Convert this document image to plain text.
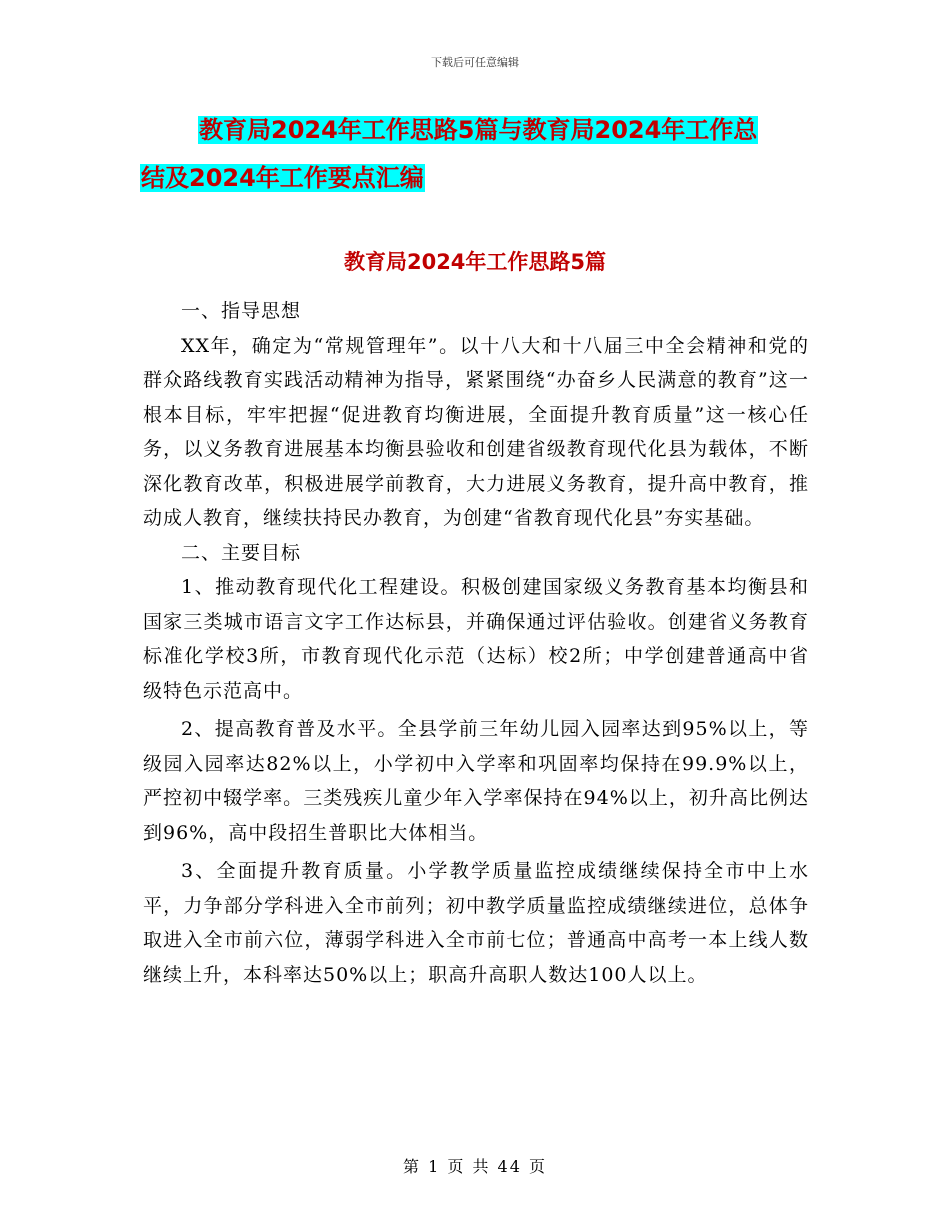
下载后可任意编辑
教育局2024年工作思路5篇与教育局2024年工作总
结及2024年工作要点汇编
教育局2024年工作思路5篇

一、指导思想

XX年，确定为“常规管理年”。以十八大和十八届三中全会精神和党的群众路线教育实践活动精神为指导，紧紧围绕“办奋乡人民满意的教育”这一根本目标，牢牢把握“促进教育均衡进展，全面提升教育质量”这一核心任务，以义务教育进展基本均衡县验收和创建省级教育现代化县为载体，不断深化教育改革，积极进展学前教育，大力进展义务教育，提升高中教育，推动成人教育，继续扶持民办教育，为创建“省教育现代化县”夯实基础。

二、主要目标

1、推动教育现代化工程建设。积极创建国家级义务教育基本均衡县和国家三类城市语言文字工作达标县，并确保通过评估验收。创建省义务教育标准化学校3所，市教育现代化示范（达标）校2所；中学创建普通高中省级特色示范高中。

2、提高教育普及水平。全县学前三年幼儿园入园率达到95%以上，等级园入园率达82%以上，小学初中入学率和巩固率均保持在99.9%以上，严控初中辍学率。三类残疾儿童少年入学率保持在94%以上，初升高比例达到96%，高中段招生普职比大体相当。

3、全面提升教育质量。小学教学质量监控成绩继续保持全市中上水平，力争部分学科进入全市前列；初中教学质量监控成绩继续进位，总体争取进入全市前六位，薄弱学科进入全市前七位；普通高中高考一本上线人数继续上升，本科率达50%以上；职高升高职人数达100人以上。

第 1 页 共 44 页
